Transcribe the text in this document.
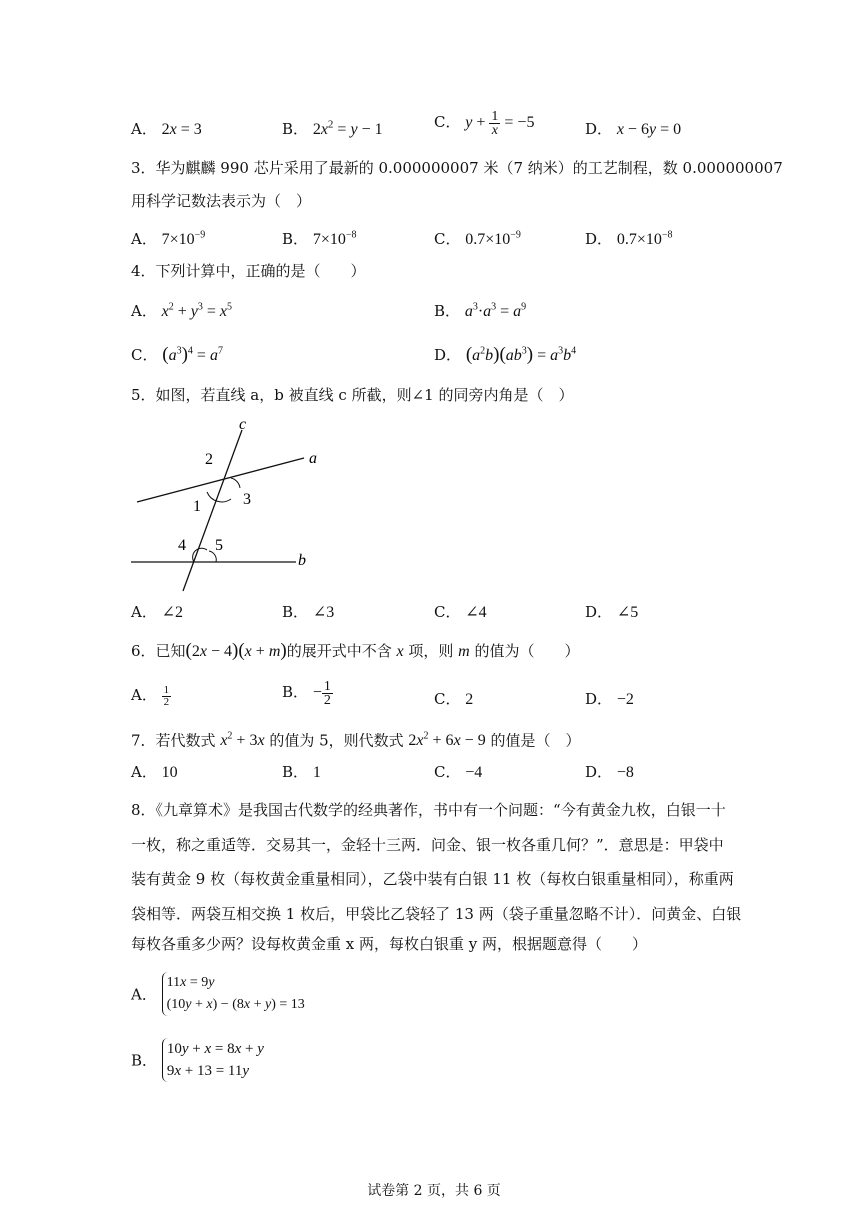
A． 2x = 3	B． $2x^2 = y - 1$	C． $y + \frac{1}{x} = -5$	D． x − 6y = 0
3．华为麒麟 990 芯片采用了最新的 0.000000007 米（7 纳米）的工艺制程，数 0.000000007
用科学记数法表示为（　）
A． $7\times 10^{-9}$	B． $7\times 10^{-8}$	C． $0.7\times 10^{-9}$	D． $0.7\times 10^{-8}$
4．下列计算中，正确的是（　　）
A． $x^2 + y^3 = x^5$	B． $a^3\cdot a^3 = a^9$
C． $(a^3)^4 = a^7$	D． $(a^2b)(ab^3) = a^3b^4$
5．如图，若直线 a，b 被直线 c 所截，则∠1 的同旁内角是（　）
c
a
b
2
1	3
4 5
A． ∠2	B． ∠3	C． ∠4	D． ∠5
6．已知(2x − 4)(x + m)的展开式中不含 x 项，则 m 的值为（　　）
A． $\frac{1}{2}$	B． − $\frac{1}{2}$	C． 2	D． −2
7．若代数式 $x^2 + 3x$ 的值为 5，则代数式 $2x^2 + 6x - 9$ 的值是（　）
A． 10	B． 1	C． −4	D． −8
8．《九章算术》是我国古代数学的经典著作，书中有一个问题：“今有黄金九枚，白银一十
一枚，称之重适等．交易其一，金轻十三两．问金、银一枚各重几何？”．意思是：甲袋中
装有黄金 9 枚（每枚黄金重量相同），乙袋中装有白银 11 枚（每枚白银重量相同），称重两
袋相等．两袋互相交换 1 枚后，甲袋比乙袋轻了 13 两（袋子重量忽略不计）．问黄金、白银
每枚各重多少两？设每枚黄金重 x 两，每枚白银重 y 两，根据题意得（　　）
A．
11x = 9y
(10y + x) − (8x + y) = 13
B．
10y + x = 8x + y
9x + 13 = 11y
试卷第 2 页，共 6 页
